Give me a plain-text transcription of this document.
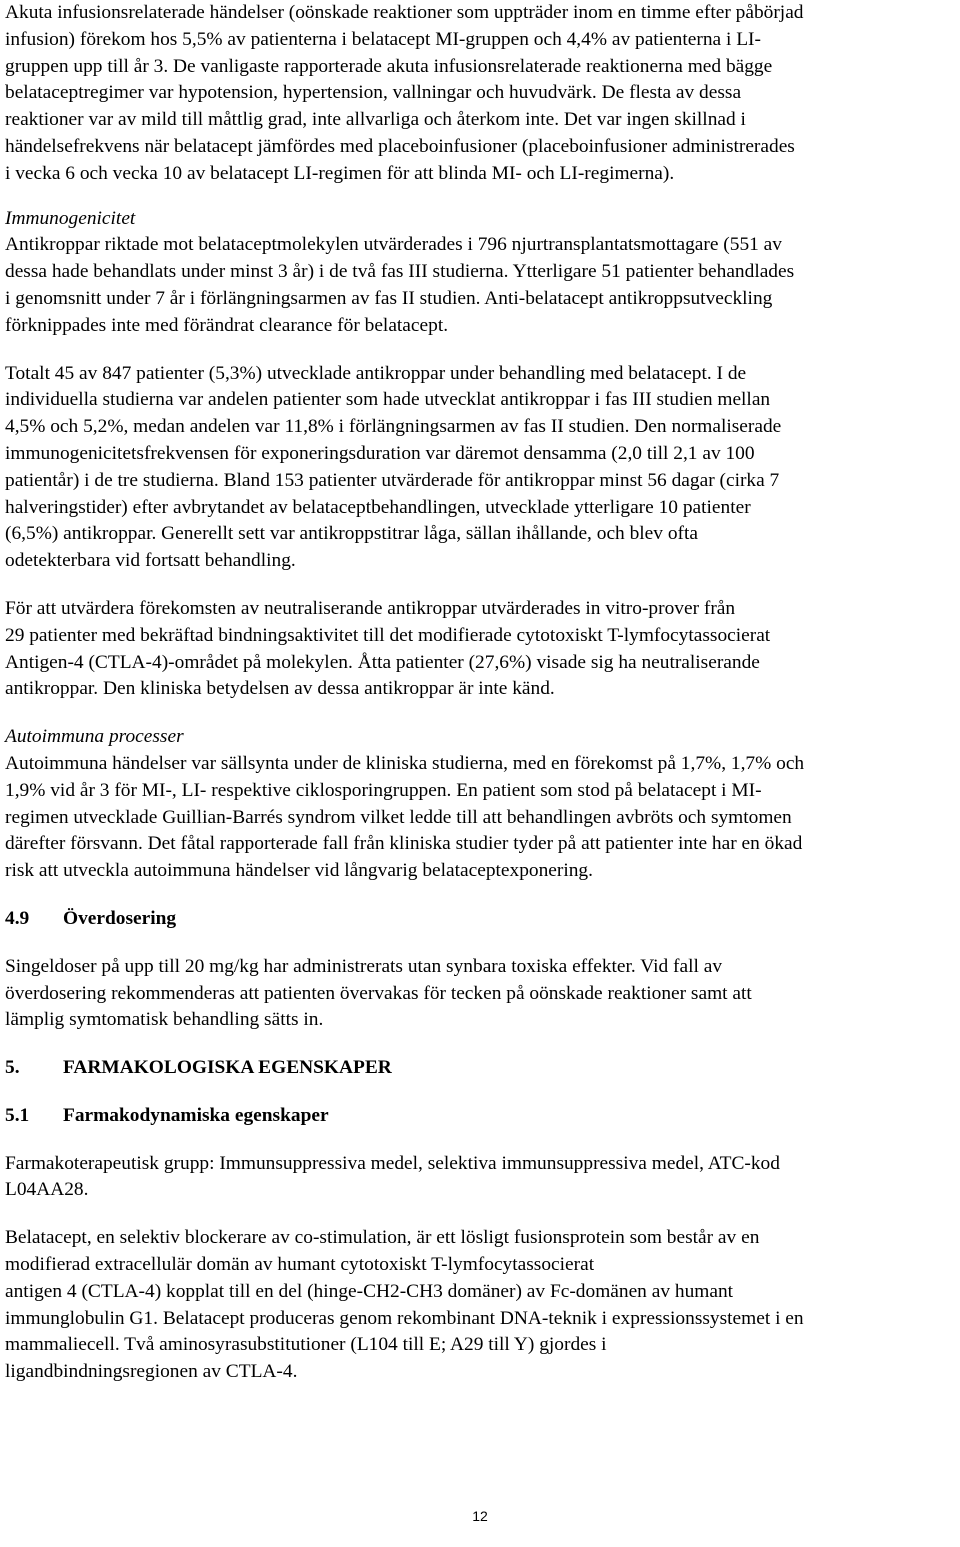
Akuta infusionsrelaterade händelser (oönskade reaktioner som uppträder inom en timme efter påbörjad
infusion) förekom hos 5,5% av patienterna i belatacept MI-gruppen och 4,4% av patienterna i LI-
gruppen upp till år 3. De vanligaste rapporterade akuta infusionsrelaterade reaktionerna med bägge
belataceptregimer var hypotension, hypertension, vallningar och huvudvärk. De flesta av dessa
reaktioner var av mild till måttlig grad, inte allvarliga och återkom inte. Det var ingen skillnad i
händelsefrekvens när belatacept jämfördes med placeboinfusioner (placeboinfusioner administrerades
i vecka 6 och vecka 10 av belatacept LI-regimen för att blinda MI- och LI-regimerna).

Immunogenicitet

Antikroppar riktade mot belataceptmolekylen utvärderades i 796 njurtransplantatsmottagare (551 av
dessa hade behandlats under minst 3 år) i de två fas III studierna. Ytterligare 51 patienter behandlades
i genomsnitt under 7 år i förlängningsarmen av fas II studien. Anti-belatacept antikroppsutveckling
förknippades inte med förändrat clearance för belatacept.

Totalt 45 av 847 patienter (5,3%) utvecklade antikroppar under behandling med belatacept. I de
individuella studierna var andelen patienter som hade utvecklat antikroppar i fas III studien mellan
4,5% och 5,2%, medan andelen var 11,8% i förlängningsarmen av fas II studien. Den normaliserade
immunogenicitetsfrekvensen för exponeringsduration var däremot densamma (2,0 till 2,1 av 100
patientår) i de tre studierna. Bland 153 patienter utvärderade för antikroppar minst 56 dagar (cirka 7
halveringstider) efter avbrytandet av belataceptbehandlingen, utvecklade ytterligare 10 patienter
(6,5%) antikroppar. Generellt sett var antikroppstitrar låga, sällan ihållande, och blev ofta
odetekterbara vid fortsatt behandling.

För att utvärdera förekomsten av neutraliserande antikroppar utvärderades in vitro-prover från
29 patienter med bekräftad bindningsaktivitet till det modifierade cytotoxiskt T-lymfocytassocierat
Antigen-4 (CTLA-4)-området på molekylen. Åtta patienter (27,6%) visade sig ha neutraliserande
antikroppar. Den kliniska betydelsen av dessa antikroppar är inte känd.

Autoimmuna processer

Autoimmuna händelser var sällsynta under de kliniska studierna, med en förekomst på 1,7%, 1,7% och
1,9% vid år 3 för MI-, LI- respektive ciklosporingruppen. En patient som stod på belatacept i MI-
regimen utvecklade Guillian-Barrés syndrom vilket ledde till att behandlingen avbröts och symtomen
därefter försvann. Det fåtal rapporterade fall från kliniska studier tyder på att patienter inte har en ökad
risk att utveckla autoimmuna händelser vid långvarig belataceptexponering.

4.9 Överdosering

Singeldoser på upp till 20 mg/kg har administrerats utan synbara toxiska effekter. Vid fall av
överdosering rekommenderas att patienten övervakas för tecken på oönskade reaktioner samt att
lämplig symtomatisk behandling sätts in.

5. FARMAKOLOGISKA EGENSKAPER

5.1 Farmakodynamiska egenskaper

Farmakoterapeutisk grupp: Immunsuppressiva medel, selektiva immunsuppressiva medel, ATC-kod
L04AA28.

Belatacept, en selektiv blockerare av co-stimulation, är ett lösligt fusionsprotein som består av en
modifierad extracellulär domän av humant cytotoxiskt T-lymfocytassocierat
antigen 4 (CTLA-4) kopplat till en del (hinge-CH2-CH3 domäner) av Fc-domänen av humant
immunglobulin G1. Belatacept produceras genom rekombinant DNA-teknik i expressionssystemet i en
mammaliecell. Två aminosyrasubstitutioner (L104 till E; A29 till Y) gjordes i
ligandbindningsregionen av CTLA-4.

12
